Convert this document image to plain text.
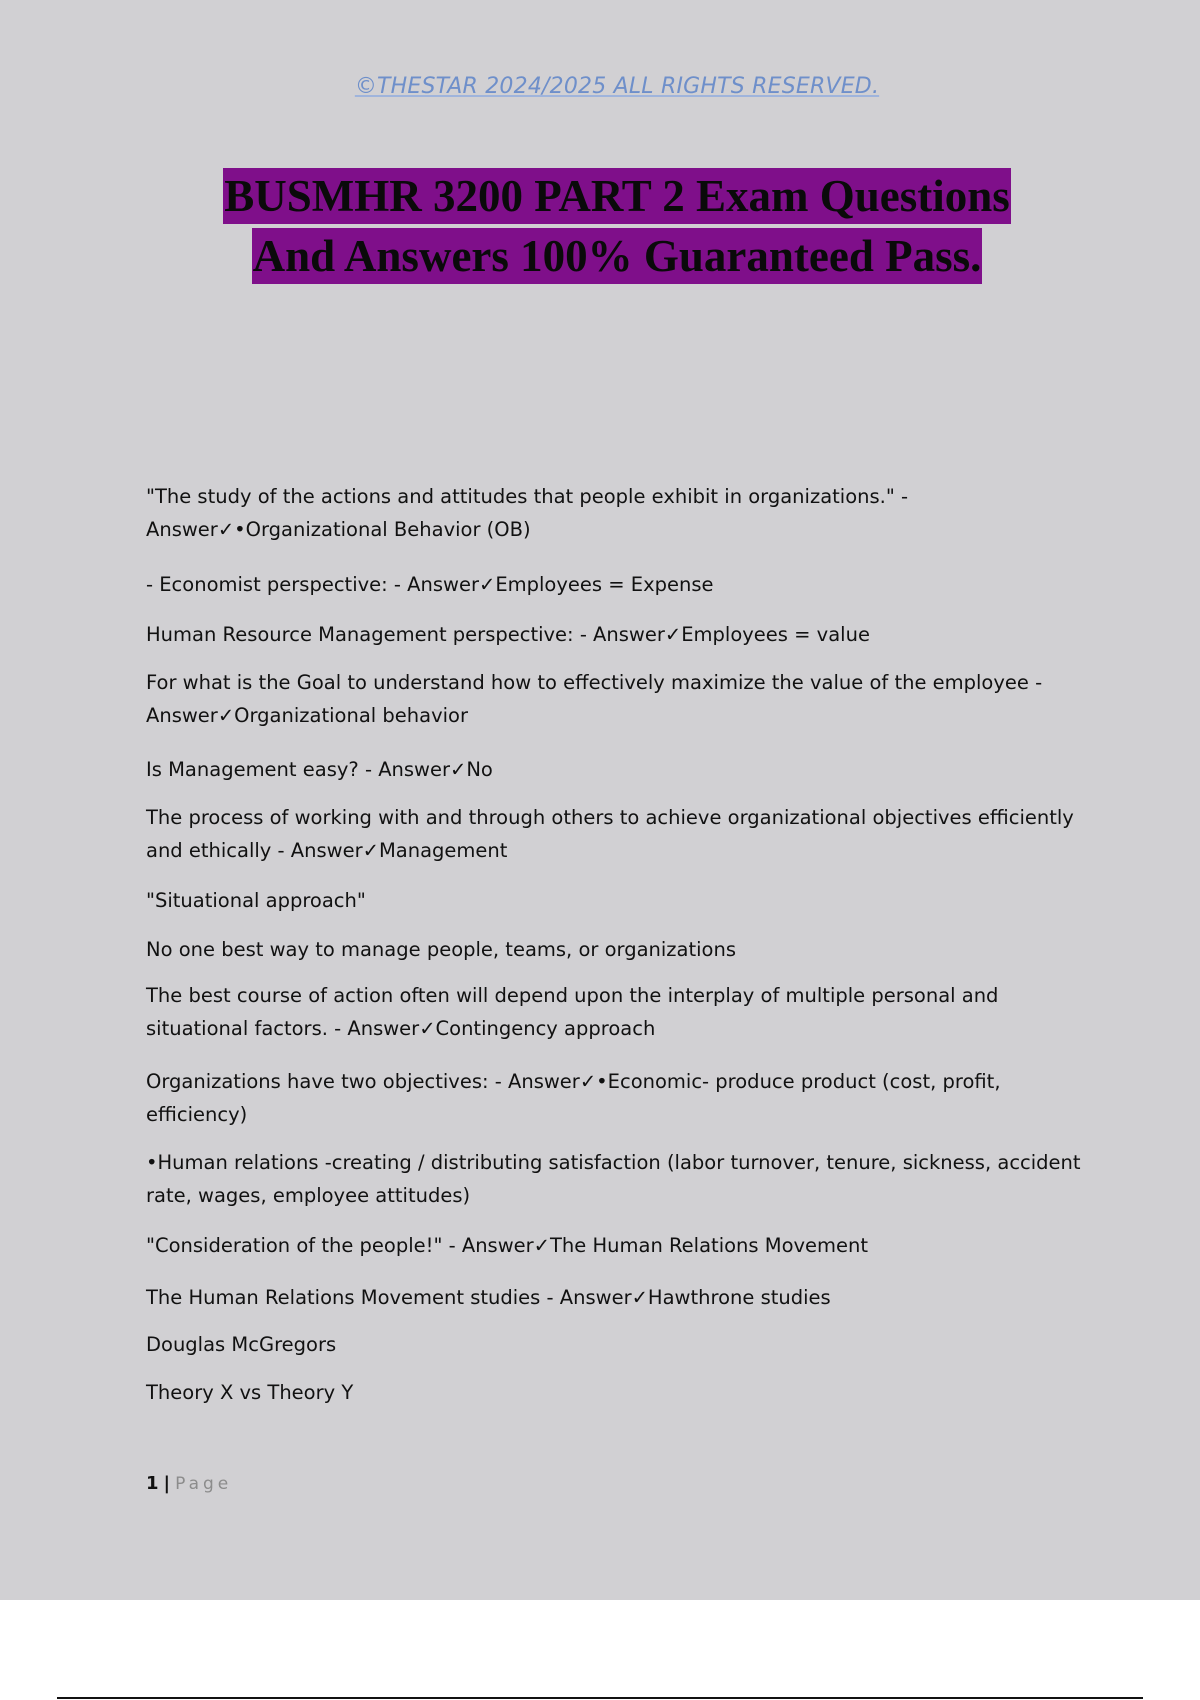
©THESTAR 2024/2025 ALL RIGHTS RESERVED.
BUSMHR 3200 PART 2 Exam Questions
And Answers 100% Guaranteed Pass.
"The study of the actions and attitudes that people exhibit in organizations." -
Answer✓•Organizational Behavior (OB)
- Economist perspective: - Answer✓Employees = Expense
Human Resource Management perspective: - Answer✓Employees = value
For what is the Goal to understand how to effectively maximize the value of the employee -
Answer✓Organizational behavior
Is Management easy? - Answer✓No
The process of working with and through others to achieve organizational objectives efficiently
and ethically - Answer✓Management
"Situational approach"
No one best way to manage people, teams, or organizations
The best course of action often will depend upon the interplay of multiple personal and
situational factors. - Answer✓Contingency approach
Organizations have two objectives: - Answer✓•Economic- produce product (cost, profit,
efficiency)
•Human relations -creating / distributing satisfaction (labor turnover, tenure, sickness, accident
rate, wages, employee attitudes)
"Consideration of the people!" - Answer✓The Human Relations Movement
The Human Relations Movement studies - Answer✓Hawthrone studies
Douglas McGregors
Theory X vs Theory Y
1 | Page
